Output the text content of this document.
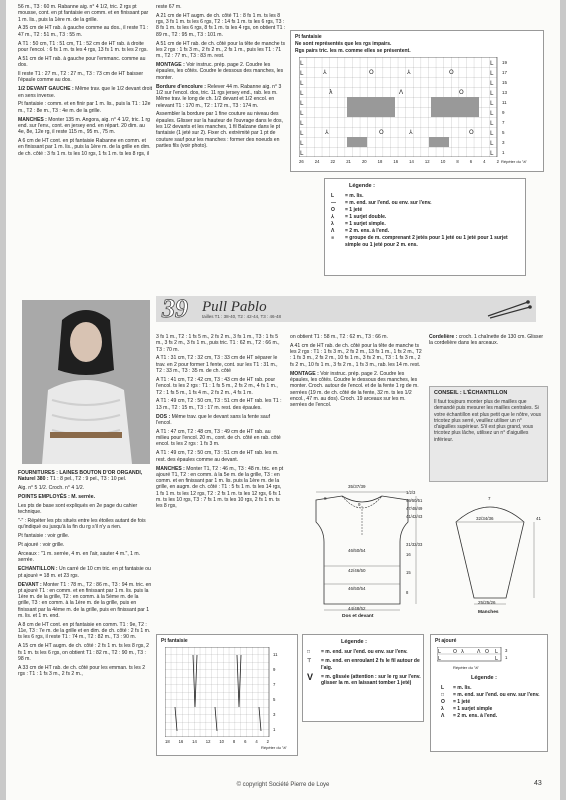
56 m., T3 : 60 m. Rabanne aig. n° 4 1/2, tric. 2 rgs pt mousse, cont. en pt fantaisie en comm. et en finissant par 1 m. lis., puis la 1ère m. de la grille.

A 35 cm de HT rab. à gauche comme au dos., il reste T1 : 47 m., T2 : 51 m., T3 : 55 m.

A T1 : 50 cm, T1 : 51 cm, T1 : 52 cm de HT rab. à droite pour l'encol. : 6 fs 1 m. ts les 4 rgs, 13 fs 1 m. ts les 2 rgs.

A 51 cm de HT rab. à gauche pour l'emmanc. comme au dos.

Il reste T1 : 27 m., T2 : 27 m., T3 : 73 cm de HT baisser l'épaule comme au dos.

1/2 DEVANT GAUCHE : Même trav. que le 1/2 devant droit en sens inverse.

Pt fantaisie : comm. et en finir par 1 m. lis., puis la T1 : 12e m., T2 : 8e m., T3 : 4e m. de la grille.

MANCHES : Monter 135 m. Angora, aig. n° 4 1/2, tric. 1 rg end. sur l'env., cont. en jersey end. en répart. 20 dim. au 4e, 8e, 12e rg, il reste 115 m., 95 m., 75 m.

A 6 cm de HT cont. en pt fantaisie Rabanne en comm. et en finissant par 1 m. lis., puis la 1ère m. de la grille en dim. de ch. côté : 3 fs 1 m. ts les 10 rgs, 1 fs 1 m. ts les 8 rgs, il

reste 67 m.

A 21 cm de HT augm. de ch. côté T1 : 8 fs 1 m. ts les 8 rgs, 3 fs 1 m. ts les 6 rgs, T2 : 14 fs 1 m. ts les 6 rgs, T3 : 8 fs 1 m. ts les 6 rgs, 8 fs 1 m. ts les 4 rgs, on obtient T1 : 89 m., T2 : 95 m., T3 : 101 m.

A 51 cm de HT rab. de ch. côté pour la tête de manche ts les 2 rgs : 1 fs 3 m., 2 fs 2 m., 2 fs 1 m., puis les T1 : 71 m., T2 : 77 m., T3 : 83 m. rest.

MONTAGE : Voir instruc. prép. page 2. Coudre les épaules, les côtés. Coudre le dessous des manches, les monter.

Bordure d'encolure : Relever 44 m. Rabanne aig. n° 3 1/2 sur l'encol. dos, tric. 11 rgs jersey end., rab. les m. Même trav. le long de ch. 1/2 devant et 1/2 encol. en relevant T1 : 170 m., T2 : 172 m., T3 : 174 m.

Assembler la bordure par 1 fine couture au niveau des épaules. Glisser sur la hauteur de l'ouvrage dans le dos, les 1/2 devants et les manches, 1 fil Balzane dans le pt fantaisie (1 jeté sur 2). Fixer ch. extrémité par 1 pt de couture sauf pour les manches : former des noeuds en parties fils (voir photo).

Pt fantaisie
Ne sont représentés que les rgs impairs.
Rgs pairs tric. les m. comme elles se présentent.
L
L
L
L
L
L
L
L
L
L
L
L
L
L
L
L
L
L
L
L
⅄	⅄	O
O
λ	Λ	O
⅄	⅄
O	O
19
17
15
13
11
9
7
5
3
1
26	24	22	21	20	18	16	14	12	10	8	6	4	2 Répéter du "à"
Légende :
L = m. lis.
— = m. end. sur l'end. ou env. sur l'env.
O = 1 jeté
⅄ = 1 surjet double.
λ = 1 surjet simple.
Λ = 2 m. ens. à l'end.
■	= groupe de m. comprenant 2 jetés pour 1 jeté ou 1 jeté pour 1 surjet simple ou 1 jeté pour 2 m. ens.
39 Pull Pablo
tailles T1 : 38-40, T2 : 42-44, T3 : 46-48

FOURNITURES : LAINES BOUTON D'OR ORGANDI, Naturel 380 : T1 : 8 pel., T2 : 9 pel., T3 : 10 pel.

Aig. n° 5 1/2. Croch. n° 4 1/2.

POINTS EMPLOYÉS : M. serrée.

Les pts de base sont expliqués en 2e page du cahier technique.

"-" : Répéter les pts situés entre les étoiles autant de fois qu'indiqué ou jusqu'à la fin du rg s'il n'y a rien.

Pt fantaisie : voir grille.

Pt ajouré : voir grille.

Arceaux : "1 m. serrée, 4 m. en l'air, sauter 4 m.", 1 m. serrée.

ECHANTILLON : Un carré de 10 cm tric. en pt fantaisie ou pt ajouré = 18 m. et 23 rgs.

DEVANT : Monter T1 : 78 m., T2 : 86 m., T3 : 94 m. tric. en pt ajouré T1 : en comm. et en finissant par 1 m. lis. puis la 1ère m. de la grille, T2 : en comm. à la 5ème m. de la grille, T3 : en comm. à la 1ère m. de la grille, puis en finissant par la 4ème m. de la grille, puis en finissant par 1 m. lis. et 1 m. end.

A 8 cm de HT cont. en pt fantaisie en comm. T1 : 9e, T2 : 11e, T3 : 7e m. de la grille et en dim. de ch. côté : 2 fs 1 m. ts les 6 rgs, il reste T1 : 74 m., T2 : 82 m., T3 : 90 m.

A 15 cm de HT augm. de ch. côté : 2 fs 1 m. ts les 8 rgs, 2 fs 1 m. ts les 6 rgs, on obtient T1 : 82 m., T2 : 90 m., T3 : 98 m.

A 33 cm de HT rab. de ch. côté pour les emman. ts les 2 rgs : T1 : 1 fs 3 m., 2 fs 2 m.,

3 fs 1 m., T2 : 1 fs 5 m., 2 fs 2 m., 3 fs 1 m., T3 : 1 fs 5 m., 3 fs 2 m., 3 fs 1 m., puis tric. T1 : 62 m., T2 : 66 m., T3 : 70 m.

A T1 : 31 cm, T2 : 32 cm, T3 : 33 cm de HT séparer le trav. en 2 pour former 1 fente, cont. sur les T1 : 31 m., T2 : 33 m., T3 : 35 m. de ch. côté

A T1 : 41 cm, T2 : 42 cm, T3 : 43 cm de HT rab. pour l'encol. ts les 2 rgs : T1 : 1 fs 5 m., 2 fs 2 m., 4 fs 1 m., T2 : 1 fs 5 m., 1 fs 4 m., 2 fs 2 m., 4 fs 1 m.

A T1 : 49 cm, T2 : 50 cm, T3 : 51 cm de HT rab. les T1 : 13 m., T2 : 15 m., T3 : 17 m. rest. des épaules.

DOS : Même trav. que le devant sans la fente sauf l'encol.

A T1 : 47 cm, T2 : 48 cm, T3 : 49 cm de HT rab. au milieu pour l'encol. 20 m., cont. de ch. côté en rab. côté encol. ts les 2 rgs : 1 fs 3 m.

A T1 : 49 cm, T2 : 50 cm, T3 : 51 cm de HT rab. les m. rest. des épaules comme au devant.

MANCHES : Monter T1, T2 : 46 m., T3 : 48 m. tric. en pt ajouré T1, T2 : en comm. à la 5e m. de la grille, T3 : en comm. et en finissant par 1 m. lis. puis la 1ère m. de la grille, en augm. de ch. côté : T1 : 5 fs 1 m. ts les 14 rgs, 1 fs 1 m. ts les 12 rgs, T2 : 2 fs 1 m. ts les 12 rgs, 6 fs 1 m. ts les 10 rgs, T3 : 7 fs 1 m. ts les 10 rgs, 2 fs 1 m. ts les 8 rgs,

on obtient T1 : 58 m., T2 : 62 m., T3 : 66 m.

A 41 cm de HT rab. de ch. côté pour la tête de manche ts les 2 rgs : T1 : 1 fs 3 m., 2 fs 2 m., 13 fs 1 m., 1 fs 2 m., T2 : 1 fs 3 m., 2 fs 2 m., 10 fs 1 m., 3 fs 2 m., T3 : 1 fs 3 m., 2 fs 2 m., 10 fs 1 m., 3 fs 2 m., 1 fs 3 m., rab. les 14 m. rest.

MONTAGE : Voir instruc. prép. page 2. Coudre les épaules, les côtés. Coudre le dessous des manches, les monter. Croch. autour de l'encol. et de la fente 1 rg de m. serrées (19 m. de ch. côté de la fente, 32 m. ts les 1/2 encol., 47 m. au dos). Croch. 19 arceaux sur les m. serrées de l'encol.

Cordelière : croch. 1 chaînette de 130 cm. Glisser la cordelière dans les arceaux.

CONSEIL : L'ÉCHANTILLON
Il faut toujours monter plus de mailles que demandé puis mesurer les mailles centrales. Si votre échantillon est plus petit que le nôtre, vous tricotez plus serré, veuillez utiliser un n° d'aiguilles supérieur. S'il est plus grand, vous tricotez plus lâche, utilisez un n° d'aiguilles inférieur.
35/37/39
8
9
1/2/3
49/50/51
47/48/49
41/42/43
31/32/33
16
15
8
46/50/54
42/46/50
46/50/54
44/48/52
Dos et devant
7
32/34/36	41
25/25/26
Manches
Pt fantaisie
11
9
7
5
3
1
18 16 14 12 10 8 6 4 2
Répéter du "à"
Légende :
□	= m. end. sur l'end. ou env. sur l'env.
⊤	= m. end. en enroulant 2 fs le fil autour de l'aig.
V	= m. glissée (attention : sur le rg sur l'env. glisser la m. en laissant tomber 1 jeté)
Pt ajouré
L
L
O λ	Λ O L
L
3
1
Répéter du "à"
Légende :
L = m. lis.
□	= m. end. sur l'end. ou env. sur l'env.
O = 1 jeté
λ = 1 surjet simple
Λ = 2 m. ens. à l'end.
© copyright Société Pierre de Loye	43
